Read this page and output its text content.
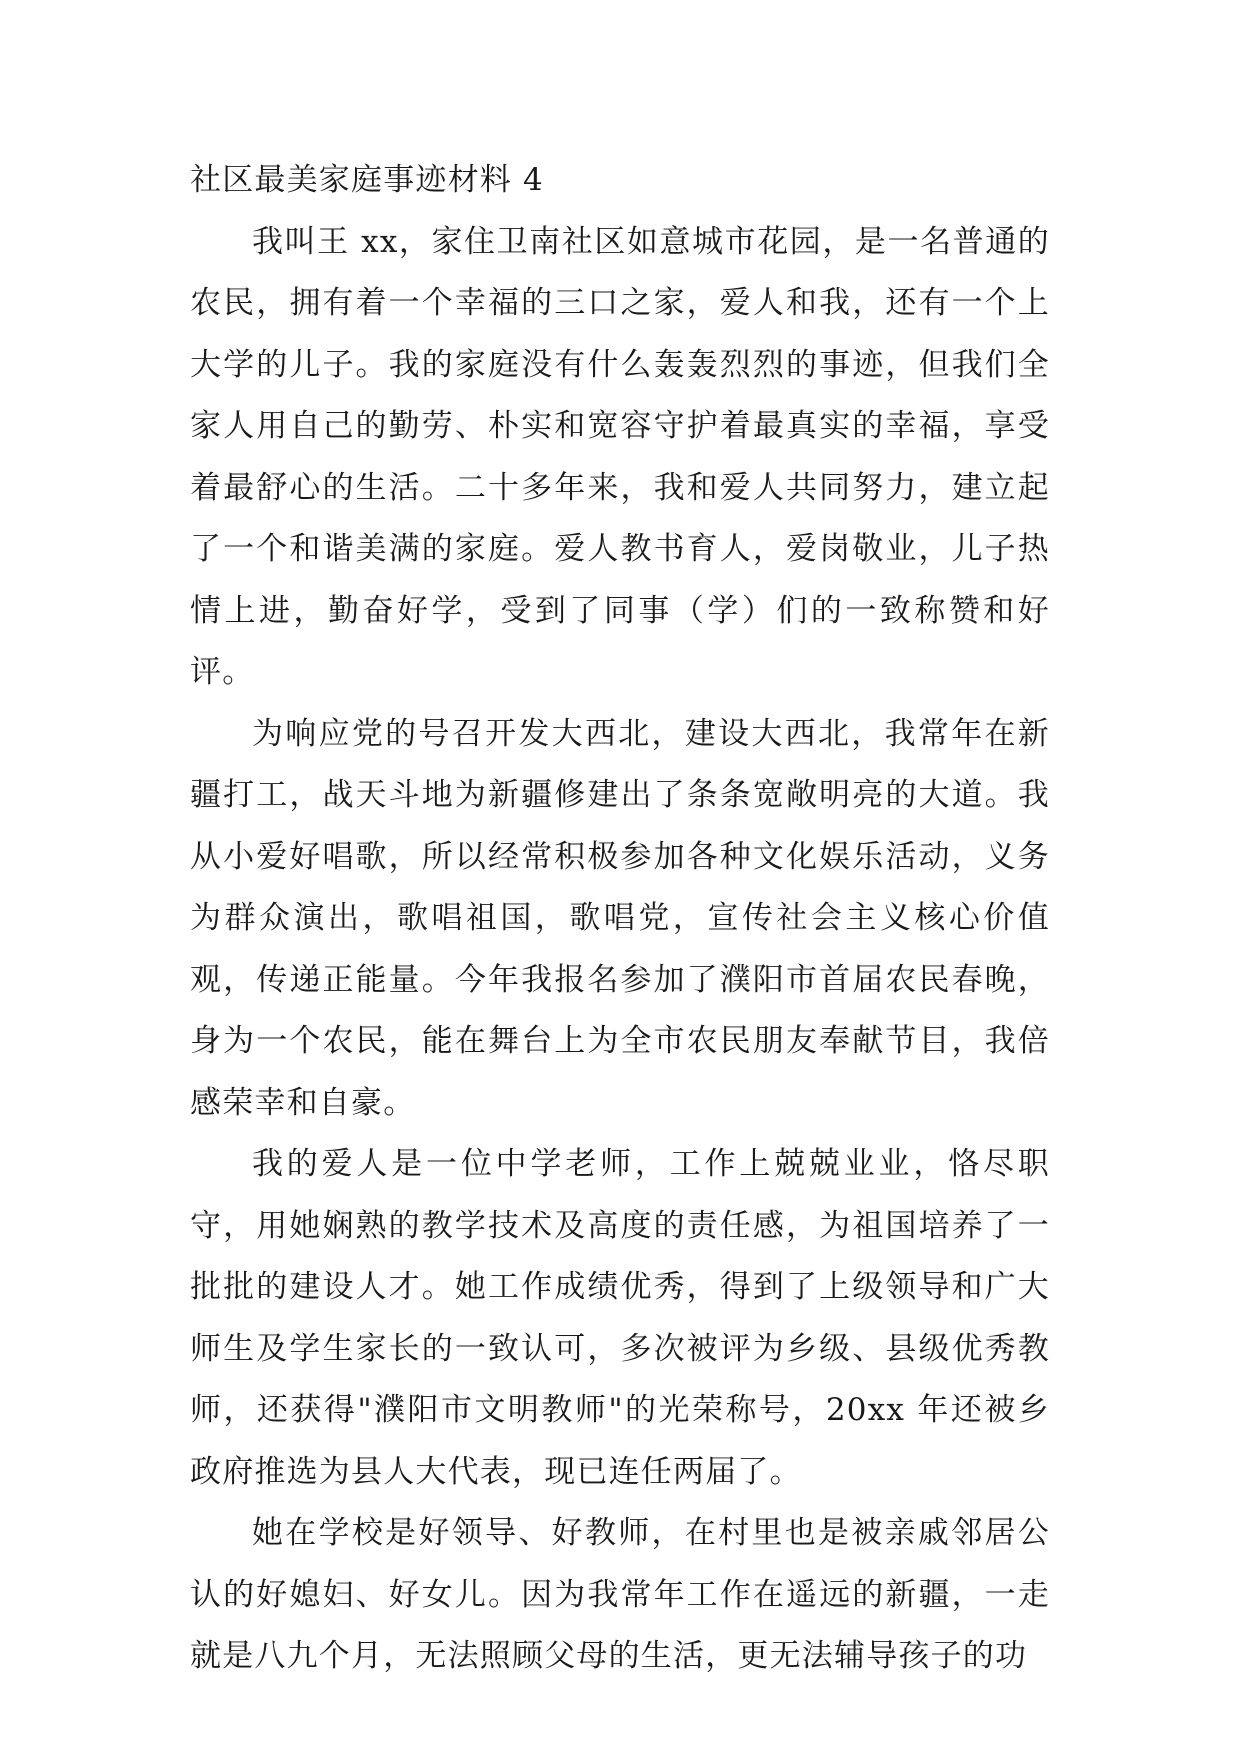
社区最美家庭事迹材料 4

我叫王 xx，家住卫南社区如意城市花园，是一名普通的农民，拥有着一个幸福的三口之家，爱人和我，还有一个上大学的儿子。我的家庭没有什么轰轰烈烈的事迹，但我们全家人用自己的勤劳、朴实和宽容守护着最真实的幸福，享受着最舒心的生活。二十多年来，我和爱人共同努力，建立起了一个和谐美满的家庭。爱人教书育人，爱岗敬业，儿子热情上进，勤奋好学，受到了同事（学）们的一致称赞和好评。

为响应党的号召开发大西北，建设大西北，我常年在新疆打工，战天斗地为新疆修建出了条条宽敞明亮的大道。我从小爱好唱歌，所以经常积极参加各种文化娱乐活动，义务为群众演出，歌唱祖国，歌唱党，宣传社会主义核心价值观，传递正能量。今年我报名参加了濮阳市首届农民春晚，身为一个农民，能在舞台上为全市农民朋友奉献节目，我倍感荣幸和自豪。

我的爱人是一位中学老师，工作上兢兢业业，恪尽职守，用她娴熟的教学技术及高度的责任感，为祖国培养了一批批的建设人才。她工作成绩优秀，得到了上级领导和广大师生及学生家长的一致认可，多次被评为乡级、县级优秀教师，还获得"濮阳市文明教师"的光荣称号，20xx 年还被乡政府推选为县人大代表，现已连任两届了。

她在学校是好领导、好教师，在村里也是被亲戚邻居公认的好媳妇、好女儿。因为我常年工作在遥远的新疆，一走就是八九个月，无法照顾父母的生活，更无法辅导孩子的功
